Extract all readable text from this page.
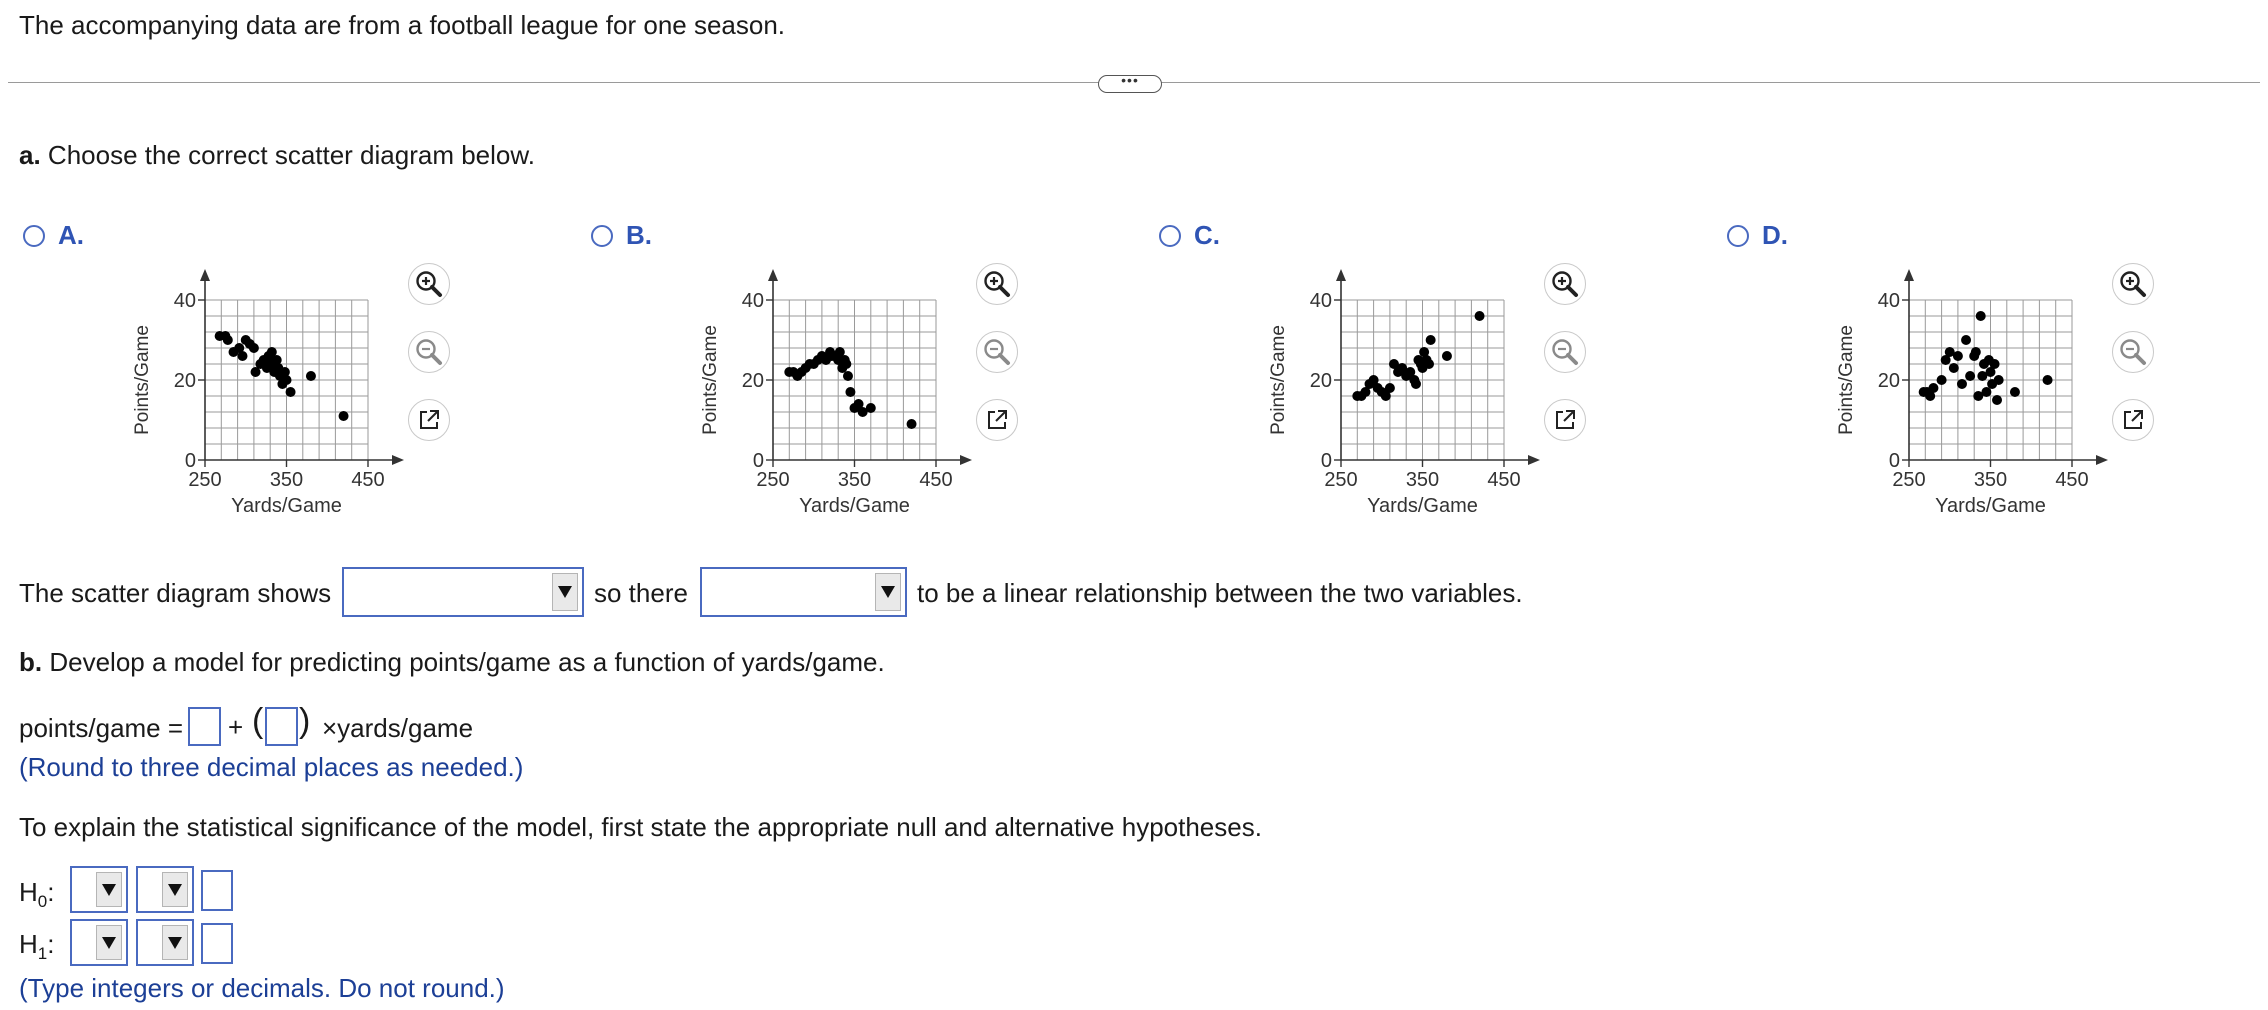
The accompanying data are from a football league for one season.
•••
a. Choose the correct scatter diagram below.
A.
250 350 450
0
20
40
Yards/Game
Points/Game
B.
250 350 450
0
20
40
Yards/Game
Points/Game
C.
250 350 450
0
20
40
Yards/Game
Points/Game
D.
250 350 450
0
20
40
Yards/Game
Points/Game
The scatter diagram shows	so there	to be a linear relationship between the two variables.
b. Develop a model for predicting points/game as a function of yards/game.
points/game = + ( ) ×yards/game
(Round to three decimal places as needed.)
To explain the statistical significance of the model, first state the appropriate null and alternative hypotheses.
$H_0$:
$H_1$:
(Type integers or decimals. Do not round.)
